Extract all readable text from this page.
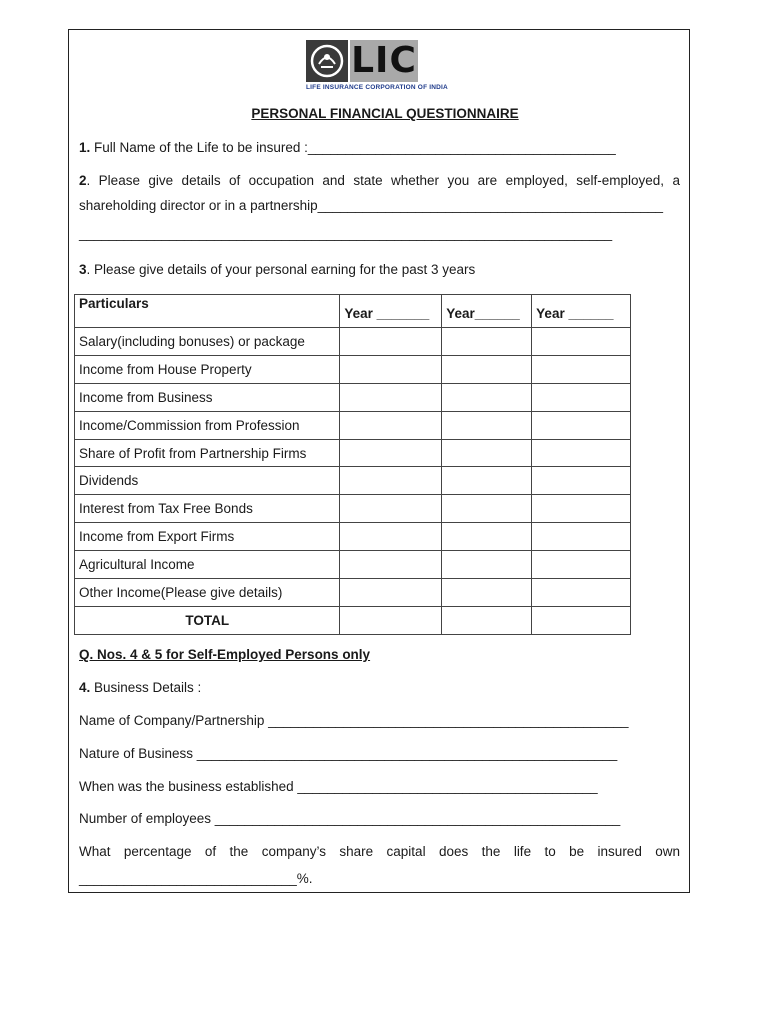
LIC
LIFE INSURANCE CORPORATION OF INDIA
PERSONAL FINANCIAL QUESTIONNAIRE
1. Full Name of the Life to be insured :_________________________________________
2. Please give details of occupation and state whether you are employed, self-employed, a
shareholding director or in a partnership______________________________________________
_______________________________________________________________________
3. Please give details of your personal earning for the past 3 years
Particulars	Year _______	Year______	Year ______
Salary(including bonuses) or package			
Income from House Property			
Income from Business			
Income/Commission from Profession			
Share of Profit from Partnership Firms			
Dividends			
Interest from Tax Free Bonds			
Income from Export Firms			
Agricultural Income			
Other Income(Please give details)			
TOTAL			
Q. Nos. 4 & 5 for Self-Employed Persons only
4. Business Details :
Name of Company/Partnership ________________________________________________
Nature of Business ________________________________________________________
When was the business established ________________________________________
Number of employees ______________________________________________________
What percentage of the company’s share capital does the life to be insured own
_____________________________%.
